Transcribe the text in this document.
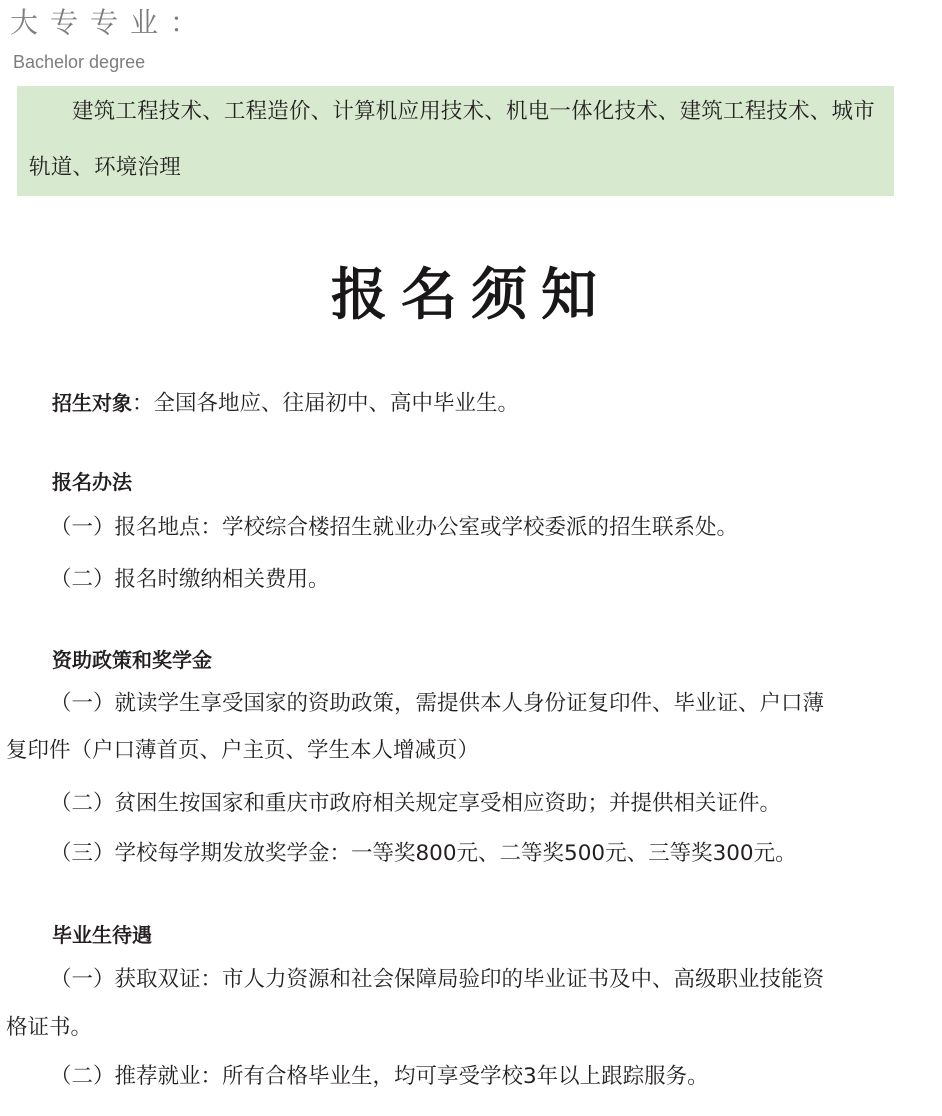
大专专业：
Bachelor degree

建筑工程技术、工程造价、计算机应用技术、机电一体化技术、建筑工程技术、城市轨道、环境治理

报名须知
招生对象：全国各地应、往届初中、高中毕业生。
报名办法
（一）报名地点：学校综合楼招生就业办公室或学校委派的招生联系处。
（二）报名时缴纳相关费用。
资助政策和奖学金
（一）就读学生享受国家的资助政策，需提供本人身份证复印件、毕业证、户口薄
复印件（户口薄首页、户主页、学生本人增减页）
（二）贫困生按国家和重庆市政府相关规定享受相应资助；并提供相关证件。
（三）学校每学期发放奖学金：一等奖800元、二等奖500元、三等奖300元。
毕业生待遇
（一）获取双证：市人力资源和社会保障局验印的毕业证书及中、高级职业技能资
格证书。
（二）推荐就业：所有合格毕业生，均可享受学校3年以上跟踪服务。
